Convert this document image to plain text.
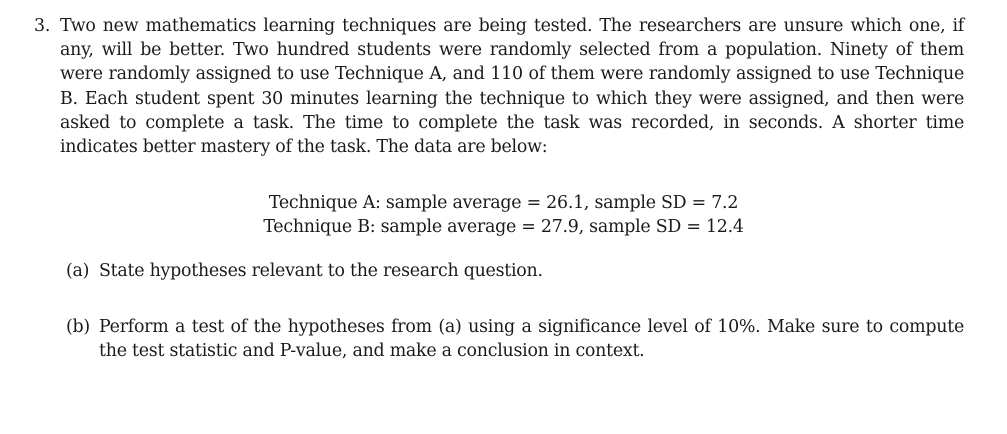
3. Two new mathematics learning techniques are being tested. The researchers are unsure which one, if any, will be better. Two hundred students were randomly selected from a population. Ninety of them were randomly assigned to use Technique A, and 110 of them were randomly assigned to use Technique B. Each student spent 30 minutes learning the technique to which they were assigned, and then were asked to complete a task. The time to complete the task was recorded, in seconds. A shorter time indicates better mastery of the task. The data are below:
Technique A: sample average = 26.1, sample SD = 7.2
Technique B: sample average = 27.9, sample SD = 12.4
(a) State hypotheses relevant to the research question.
(b) Perform a test of the hypotheses from (a) using a significance level of 10%. Make sure to compute the test statistic and P-value, and make a conclusion in context.
